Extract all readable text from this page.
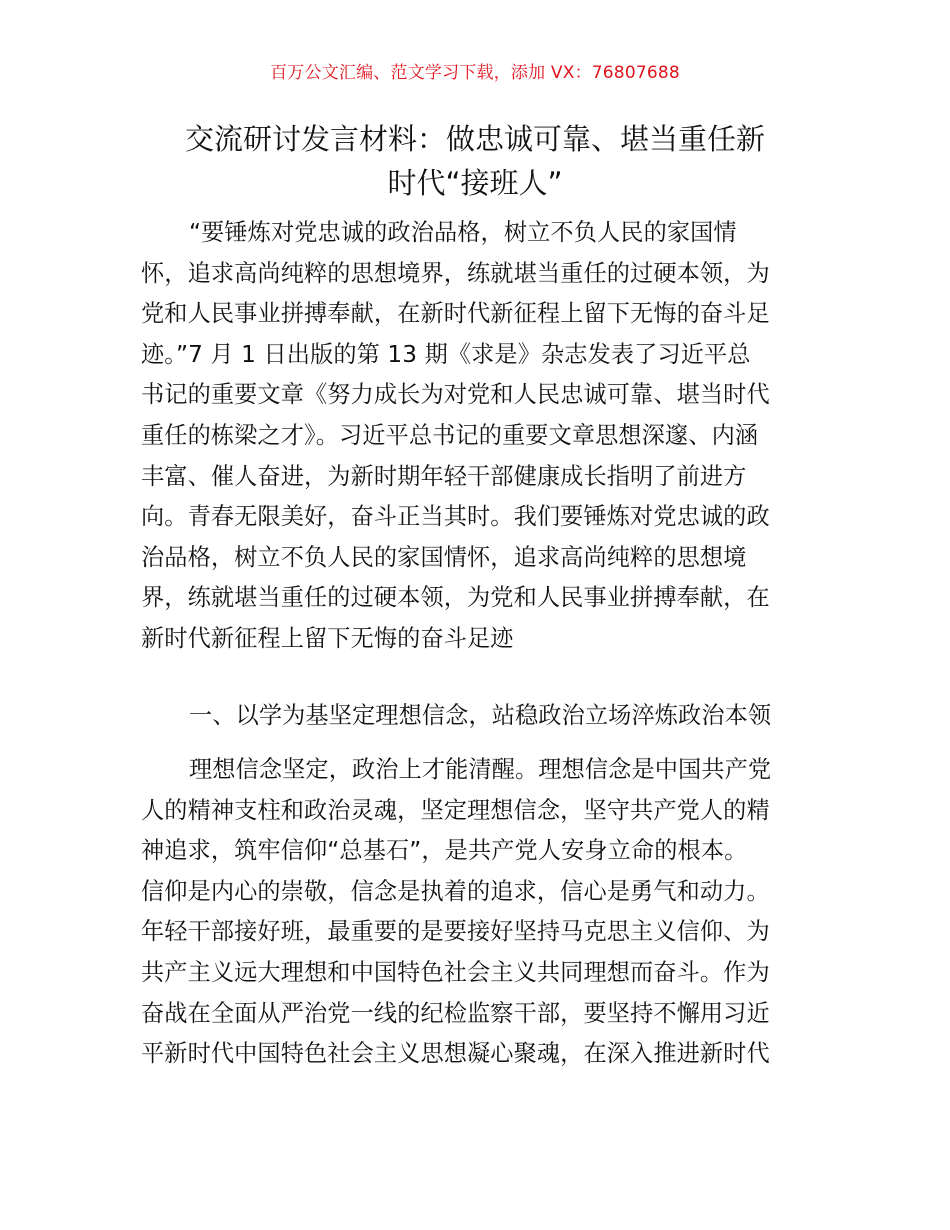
百万公文汇编、范文学习下载，添加 VX：76807688
交流研讨发言材料：做忠诚可靠、堪当重任新
时代“接班人”
“要锤炼对党忠诚的政治品格，树立不负人民的家国情
怀，追求高尚纯粹的思想境界，练就堪当重任的过硬本领，为
党和人民事业拼搏奉献，在新时代新征程上留下无悔的奋斗足
迹。”7 月 1 日出版的第 13 期《求是》杂志发表了习近平总
书记的重要文章《努力成长为对党和人民忠诚可靠、堪当时代
重任的栋梁之才》。习近平总书记的重要文章思想深邃、内涵
丰富、催人奋进，为新时期年轻干部健康成长指明了前进方
向。青春无限美好，奋斗正当其时。我们要锤炼对党忠诚的政
治品格，树立不负人民的家国情怀，追求高尚纯粹的思想境
界，练就堪当重任的过硬本领，为党和人民事业拼搏奉献，在
新时代新征程上留下无悔的奋斗足迹
一、以学为基坚定理想信念，站稳政治立场淬炼政治本领
理想信念坚定，政治上才能清醒。理想信念是中国共产党
人的精神支柱和政治灵魂，坚定理想信念，坚守共产党人的精
神追求，筑牢信仰“总基石”，是共产党人安身立命的根本。
信仰是内心的崇敬，信念是执着的追求，信心是勇气和动力。
年轻干部接好班，最重要的是要接好坚持马克思主义信仰、为
共产主义远大理想和中国特色社会主义共同理想而奋斗。作为
奋战在全面从严治党一线的纪检监察干部，要坚持不懈用习近
平新时代中国特色社会主义思想凝心聚魂，在深入推进新时代
